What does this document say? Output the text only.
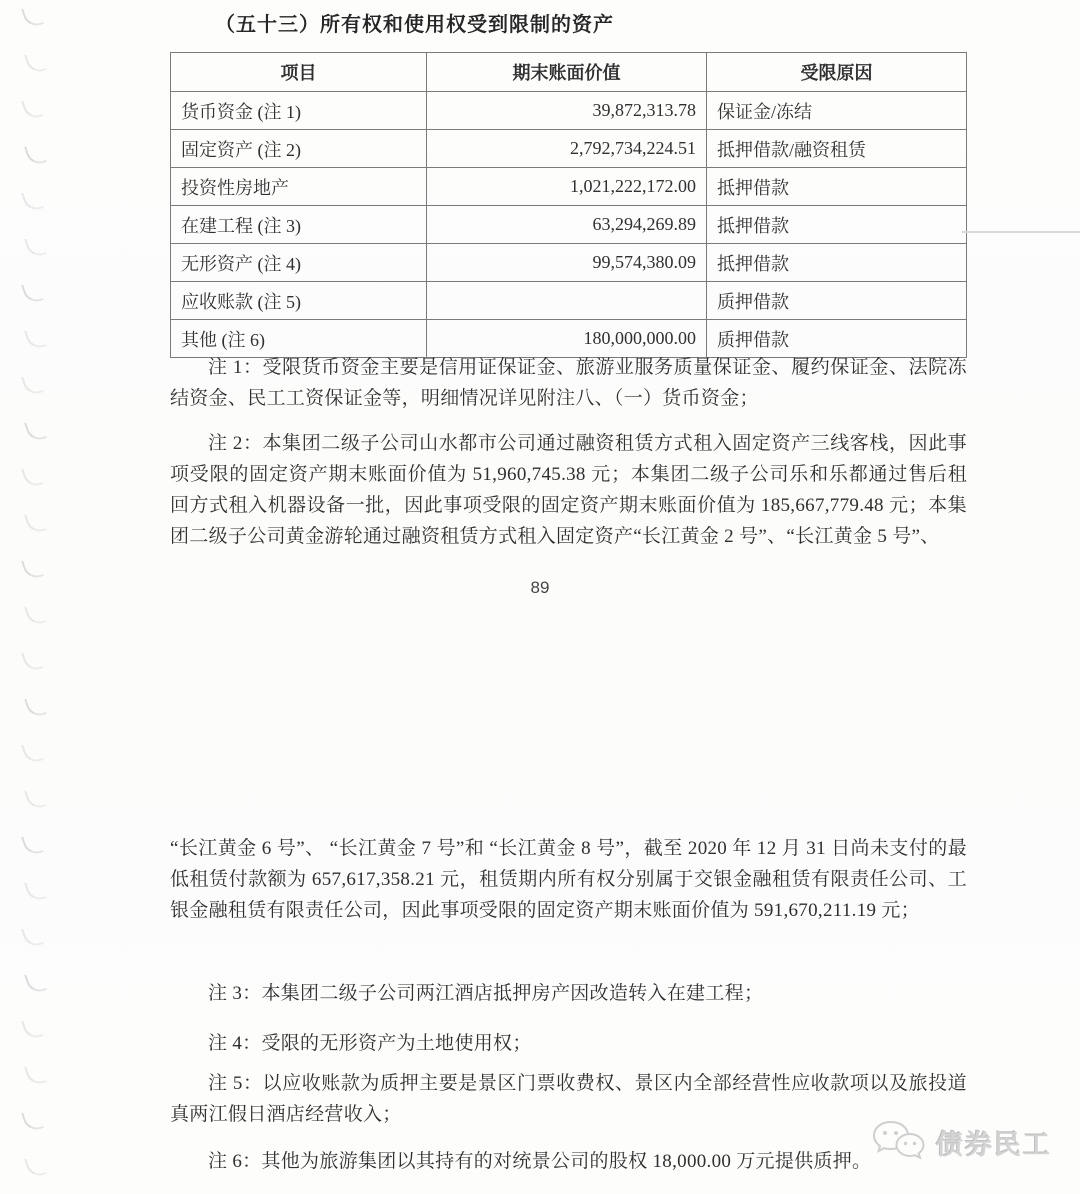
（五十三）所有权和使用权受到限制的资产
项目	期末账面价值	受限原因
货币资金 (注 1)	39,872,313.78	保证金/冻结
固定资产 (注 2)	2,792,734,224.51	抵押借款/融资租赁
投资性房地产	1,021,222,172.00	抵押借款
在建工程 (注 3)	63,294,269.89	抵押借款
无形资产 (注 4)	99,574,380.09	抵押借款
应收账款 (注 5)		质押借款
其他 (注 6)	180,000,000.00	质押借款

注 1：受限货币资金主要是信用证保证金、旅游业服务质量保证金、履约保证金、法院冻结资金、民工工资保证金等，明细情况详见附注八、（一）货币资金；

注 2：本集团二级子公司山水都市公司通过融资租赁方式租入固定资产三线客栈，因此事项受限的固定资产期末账面价值为 51,960,745.38 元；本集团二级子公司乐和乐都通过售后租回方式租入机器设备一批，因此事项受限的固定资产期末账面价值为 185,667,779.48 元；本集团二级子公司黄金游轮通过融资租赁方式租入固定资产“长江黄金 2 号”、“长江黄金 5 号”、

89

“长江黄金 6 号”、 “长江黄金 7 号”和 “长江黄金 8 号”，截至 2020 年 12 月 31 日尚未支付的最低租赁付款额为 657,617,358.21 元，租赁期内所有权分别属于交银金融租赁有限责任公司、工银金融租赁有限责任公司，因此事项受限的固定资产期末账面价值为 591,670,211.19 元；

注 3：本集团二级子公司两江酒店抵押房产因改造转入在建工程；

注 4：受限的无形资产为土地使用权；

注 5：以应收账款为质押主要是景区门票收费权、景区内全部经营性应收款项以及旅投道真两江假日酒店经营收入；

注 6：其他为旅游集团以其持有的对统景公司的股权 18,000.00 万元提供质押。

债券民工
